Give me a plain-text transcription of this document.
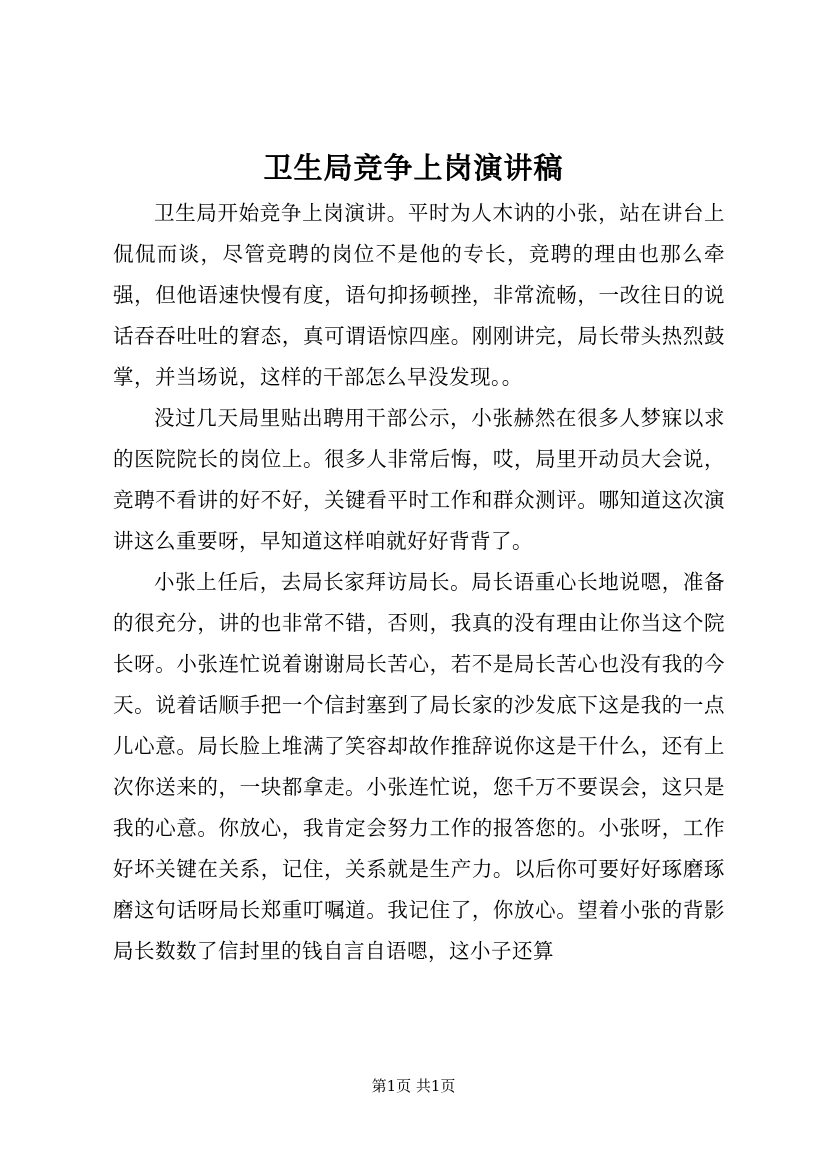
卫生局竞争上岗演讲稿

卫生局开始竞争上岗演讲。平时为人木讷的小张，站在讲台上侃侃而谈，尽管竞聘的岗位不是他的专长，竞聘的理由也那么牵强，但他语速快慢有度，语句抑扬顿挫，非常流畅，一改往日的说话吞吞吐吐的窘态，真可谓语惊四座。刚刚讲完，局长带头热烈鼓掌，并当场说，这样的干部怎么早没发现。。

没过几天局里贴出聘用干部公示，小张赫然在很多人梦寐以求的医院院长的岗位上。很多人非常后悔，哎，局里开动员大会说，竞聘不看讲的好不好，关键看平时工作和群众测评。哪知道这次演讲这么重要呀，早知道这样咱就好好背背了。

小张上任后，去局长家拜访局长。局长语重心长地说嗯，准备的很充分，讲的也非常不错，否则，我真的没有理由让你当这个院长呀。小张连忙说着谢谢局长苦心，若不是局长苦心也没有我的今天。说着话顺手把一个信封塞到了局长家的沙发底下这是我的一点儿心意。局长脸上堆满了笑容却故作推辞说你这是干什么，还有上次你送来的，一块都拿走。小张连忙说，您千万不要误会，这只是我的心意。你放心，我肯定会努力工作的报答您的。小张呀，工作好坏关键在关系，记住，关系就是生产力。以后你可要好好琢磨琢磨这句话呀局长郑重叮嘱道。我记住了，你放心。望着小张的背影局长数数了信封里的钱自言自语嗯，这小子还算

第1页 共1页
